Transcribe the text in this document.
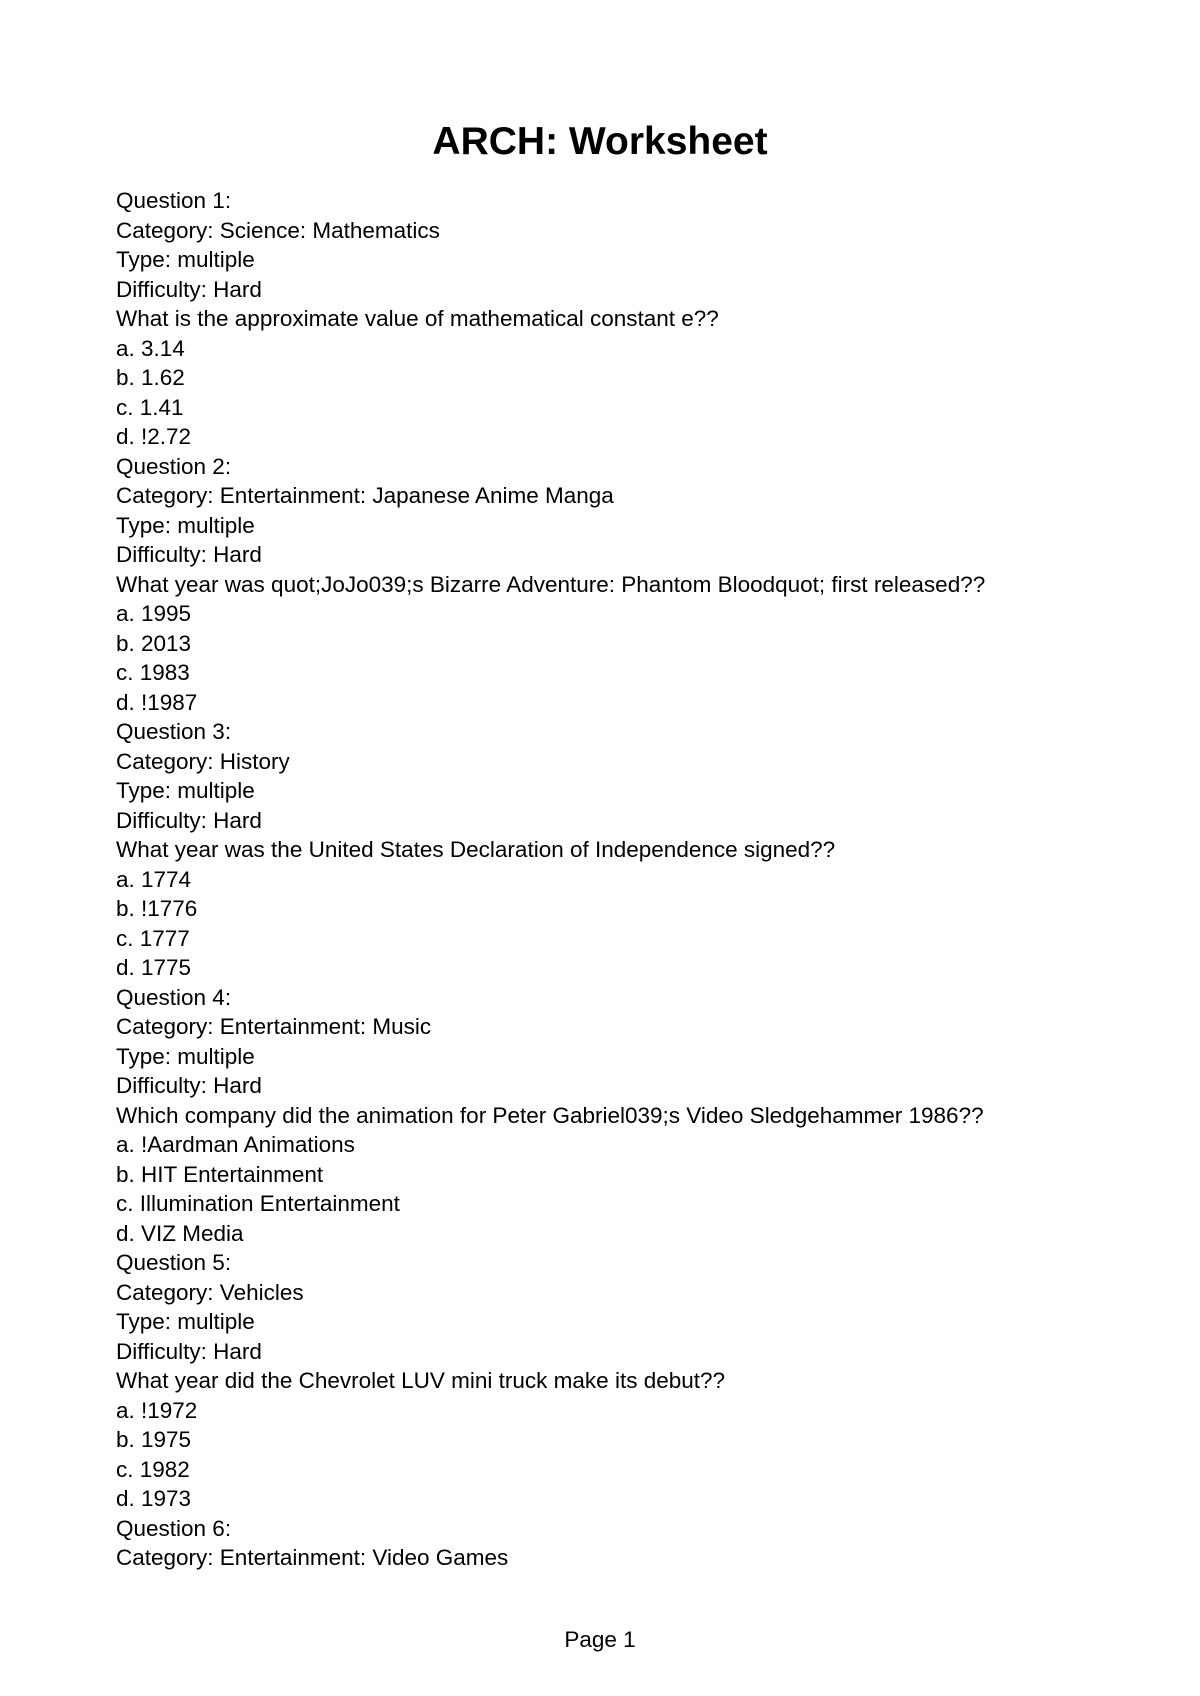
ARCH: Worksheet
Question 1:
Category: Science: Mathematics
Type: multiple
Difficulty: Hard
What is the approximate value of mathematical constant e??
a. 3.14
b. 1.62
c. 1.41
d. !2.72
Question 2:
Category: Entertainment: Japanese Anime Manga
Type: multiple
Difficulty: Hard
What year was quot;JoJo039;s Bizarre Adventure: Phantom Bloodquot; first released??
a. 1995
b. 2013
c. 1983
d. !1987
Question 3:
Category: History
Type: multiple
Difficulty: Hard
What year was the United States Declaration of Independence signed??
a. 1774
b. !1776
c. 1777
d. 1775
Question 4:
Category: Entertainment: Music
Type: multiple
Difficulty: Hard
Which company did the animation for Peter Gabriel039;s Video Sledgehammer 1986??
a. !Aardman Animations
b. HIT Entertainment
c. Illumination Entertainment
d. VIZ Media
Question 5:
Category: Vehicles
Type: multiple
Difficulty: Hard
What year did the Chevrolet LUV mini truck make its debut??
a. !1972
b. 1975
c. 1982
d. 1973
Question 6:
Category: Entertainment: Video Games
Page 1
